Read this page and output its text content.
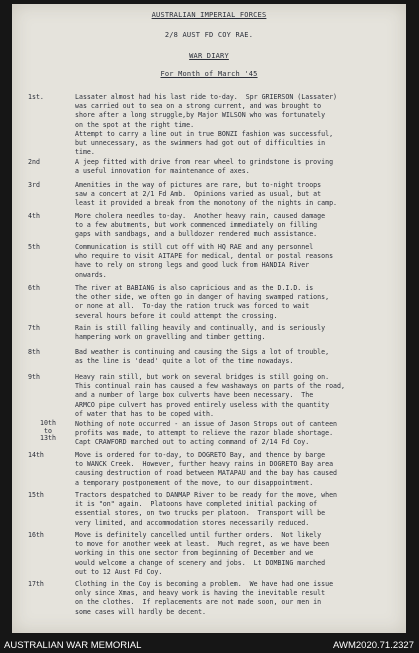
AUSTRALIAN IMPERIAL FORCES
2/8 AUST FD COY RAE.
WAR DIARY
For Month of March '45
1st.	Lassater almost had his last ride to-day.  Spr GRIERSON (Lassater)
was carried out to sea on a strong current, and was brought to
shore after a long struggle,by Major WILSON who was fortunately
on the spot at the right time.
Attempt to carry a line out in true BONZI fashion was successful,
but unnecessary, as the swimmers had got out of difficulties in
time.
2nd	A jeep fitted with drive from rear wheel to grindstone is proving
a useful innovation for maintenance of axes.
3rd	Amenities in the way of pictures are rare, but to-night troops
saw a concert at 2/1 Fd Amb.  Opinions varied as usual, but at
least it provided a break from the monotony of the nights in camp.
4th	More cholera needles to-day.  Another heavy rain, caused damage
to a few abutments, but work commenced immediately on filling
gaps with sandbags, and a bulldozer rendered much assistance.
5th	Communication is still cut off with HQ RAE and any personnel
who require to visit AITAPE for medical, dental or postal reasons
have to rely on strong legs and good luck from HANDIA River
onwards.
6th	The river at BABIANG is also capricious and as the D.I.D. is
the other side, we often go in danger of having swamped rations,
or none at all.  To-day the ration truck was forced to wait
several hours before it could attempt the crossing.
7th	Rain is still falling heavily and continually, and is seriously
hampering work on gravelling and timber getting.
8th	Bad weather is continuing and causing the Sigs a lot of trouble,
as the line is 'dead' quite a lot of the time nowadays.
9th	Heavy rain still, but work on several bridges is still going on.
This continual rain has caused a few washaways on parts of the road,
and a number of large box culverts have been necessary.  The
ARMCO pipe culvert has proved entirely useless with the quantity
of water that has to be coped with.
10th
to
13th
Nothing of note occurred - an issue of Jason Strops out of canteen
profits was made, to attempt to relieve the razor blade shortage.
Capt CRAWFORD marched out to acting command of 2/14 Fd Coy.
14th	Move is ordered for to-day, to DOGRETO Bay, and thence by barge
to WANCK Creek.  However, further heavy rains in DOGRETO Bay area
causing destruction of road between MATAPAU and the bay has caused
a temporary postponement of the move, to our disappointment.
15th	Tractors despatched to DANMAP River to be ready for the move, when
it is "on" again.  Platoons have completed initial packing of
essential stores, on two trucks per platoon.  Transport will be
very limited, and accommodation stores necessarily reduced.
16th	Move is definitely cancelled until further orders.  Not likely
to move for another week at least.  Much regret, as we have been
working in this one sector from beginning of December and we
would welcome a change of scenery and jobs.  Lt DOMBING marched
out to 12 Aust Fd Coy.
17th	Clothing in the Coy is becoming a problem.  We have had one issue
only since Xmas, and heavy work is having the inevitable result
on the clothes.  If replacements are not made soon, our men in
some cases will hardly be decent.
AUSTRALIAN WAR MEMORIAL	AWM2020.71.2327
